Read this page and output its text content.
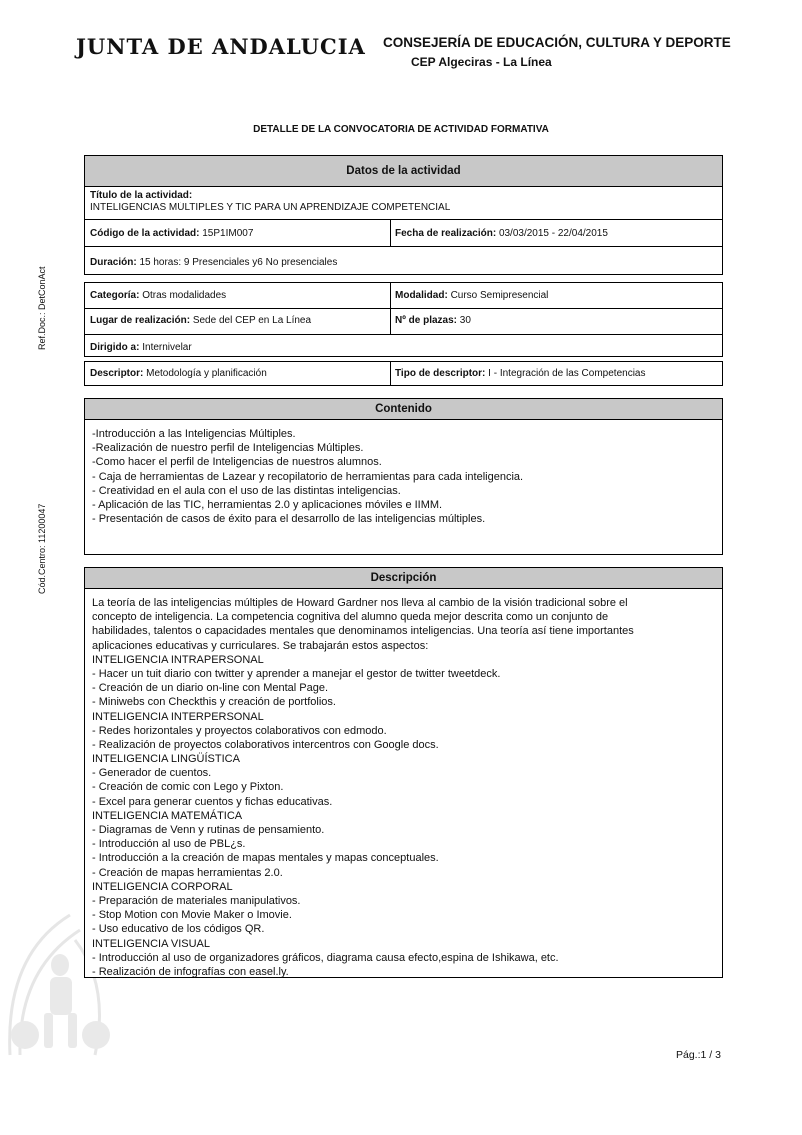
JUNTA DE ANDALUCIA CONSEJERÍA DE EDUCACIÓN, CULTURA Y DEPORTE
CEP Algeciras - La Línea
DETALLE DE LA CONVOCATORIA DE ACTIVIDAD FORMATIVA
Ref.Doc.: DetConAct
Cód.Centro: 11200047
Datos de la actividad
Título de la actividad:
INTELIGENCIAS MÚLTIPLES Y TIC PARA UN APRENDIZAJE COMPETENCIAL
Código de la actividad: 15P1IM007	Fecha de realización: 03/03/2015 - 22/04/2015
Duración: 15 horas: 9 Presenciales y6 No presenciales
Categoría: Otras modalidades	Modalidad: Curso Semipresencial
Lugar de realización: Sede del CEP en La Línea	Nº de plazas: 30
Dirigido a: Internivelar
Descriptor: Metodología y planificación	Tipo de descriptor: I - Integración de las Competencias
Contenido
-Introducción a las Inteligencias Múltiples.
-Realización de nuestro perfil de Inteligencias Múltiples.
-Como hacer el perfil de Inteligencias de nuestros alumnos.
- Caja de herramientas de Lazear y recopilatorio de herramientas para cada inteligencia.
- Creatividad en el aula con el uso de las distintas inteligencias.
- Aplicación de las TIC, herramientas 2.0 y aplicaciones móviles e IIMM.
- Presentación de casos de éxito para el desarrollo de las inteligencias múltiples.
Descripción
La teoría de las inteligencias múltiples de Howard Gardner nos lleva al cambio de la visión tradicional sobre el
concepto de inteligencia. La competencia cognitiva del alumno queda mejor descrita como un conjunto de
habilidades, talentos o capacidades mentales que denominamos inteligencias. Una teoría así tiene importantes
aplicaciones educativas y curriculares. Se trabajarán estos aspectos:
INTELIGENCIA INTRAPERSONAL
- Hacer un tuit diario con twitter y aprender a manejar el gestor de twitter tweetdeck.
- Creación de un diario on-line con Mental Page.
- Miniwebs con Checkthis y creación de portfolios.
INTELIGENCIA INTERPERSONAL
- Redes horizontales y proyectos colaborativos con edmodo.
- Realización de proyectos colaborativos intercentros con Google docs.
INTELIGENCIA LINGÜÍSTICA
- Generador de cuentos.
- Creación de comic con Lego y Pixton.
- Excel para generar cuentos y fichas educativas.
INTELIGENCIA MATEMÁTICA
- Diagramas de Venn y rutinas de pensamiento.
- Introducción al uso de PBL¿s.
- Introducción a la creación de mapas mentales y mapas conceptuales.
- Creación de mapas herramientas 2.0.
INTELIGENCIA CORPORAL
- Preparación de materiales manipulativos.
- Stop Motion con Movie Maker o Imovie.
- Uso educativo de los códigos QR.
INTELIGENCIA VISUAL
- Introducción al uso de organizadores gráficos, diagrama causa efecto,espina de Ishikawa, etc.
- Realización de infografías con easel.ly.
Pág.:1 / 3
